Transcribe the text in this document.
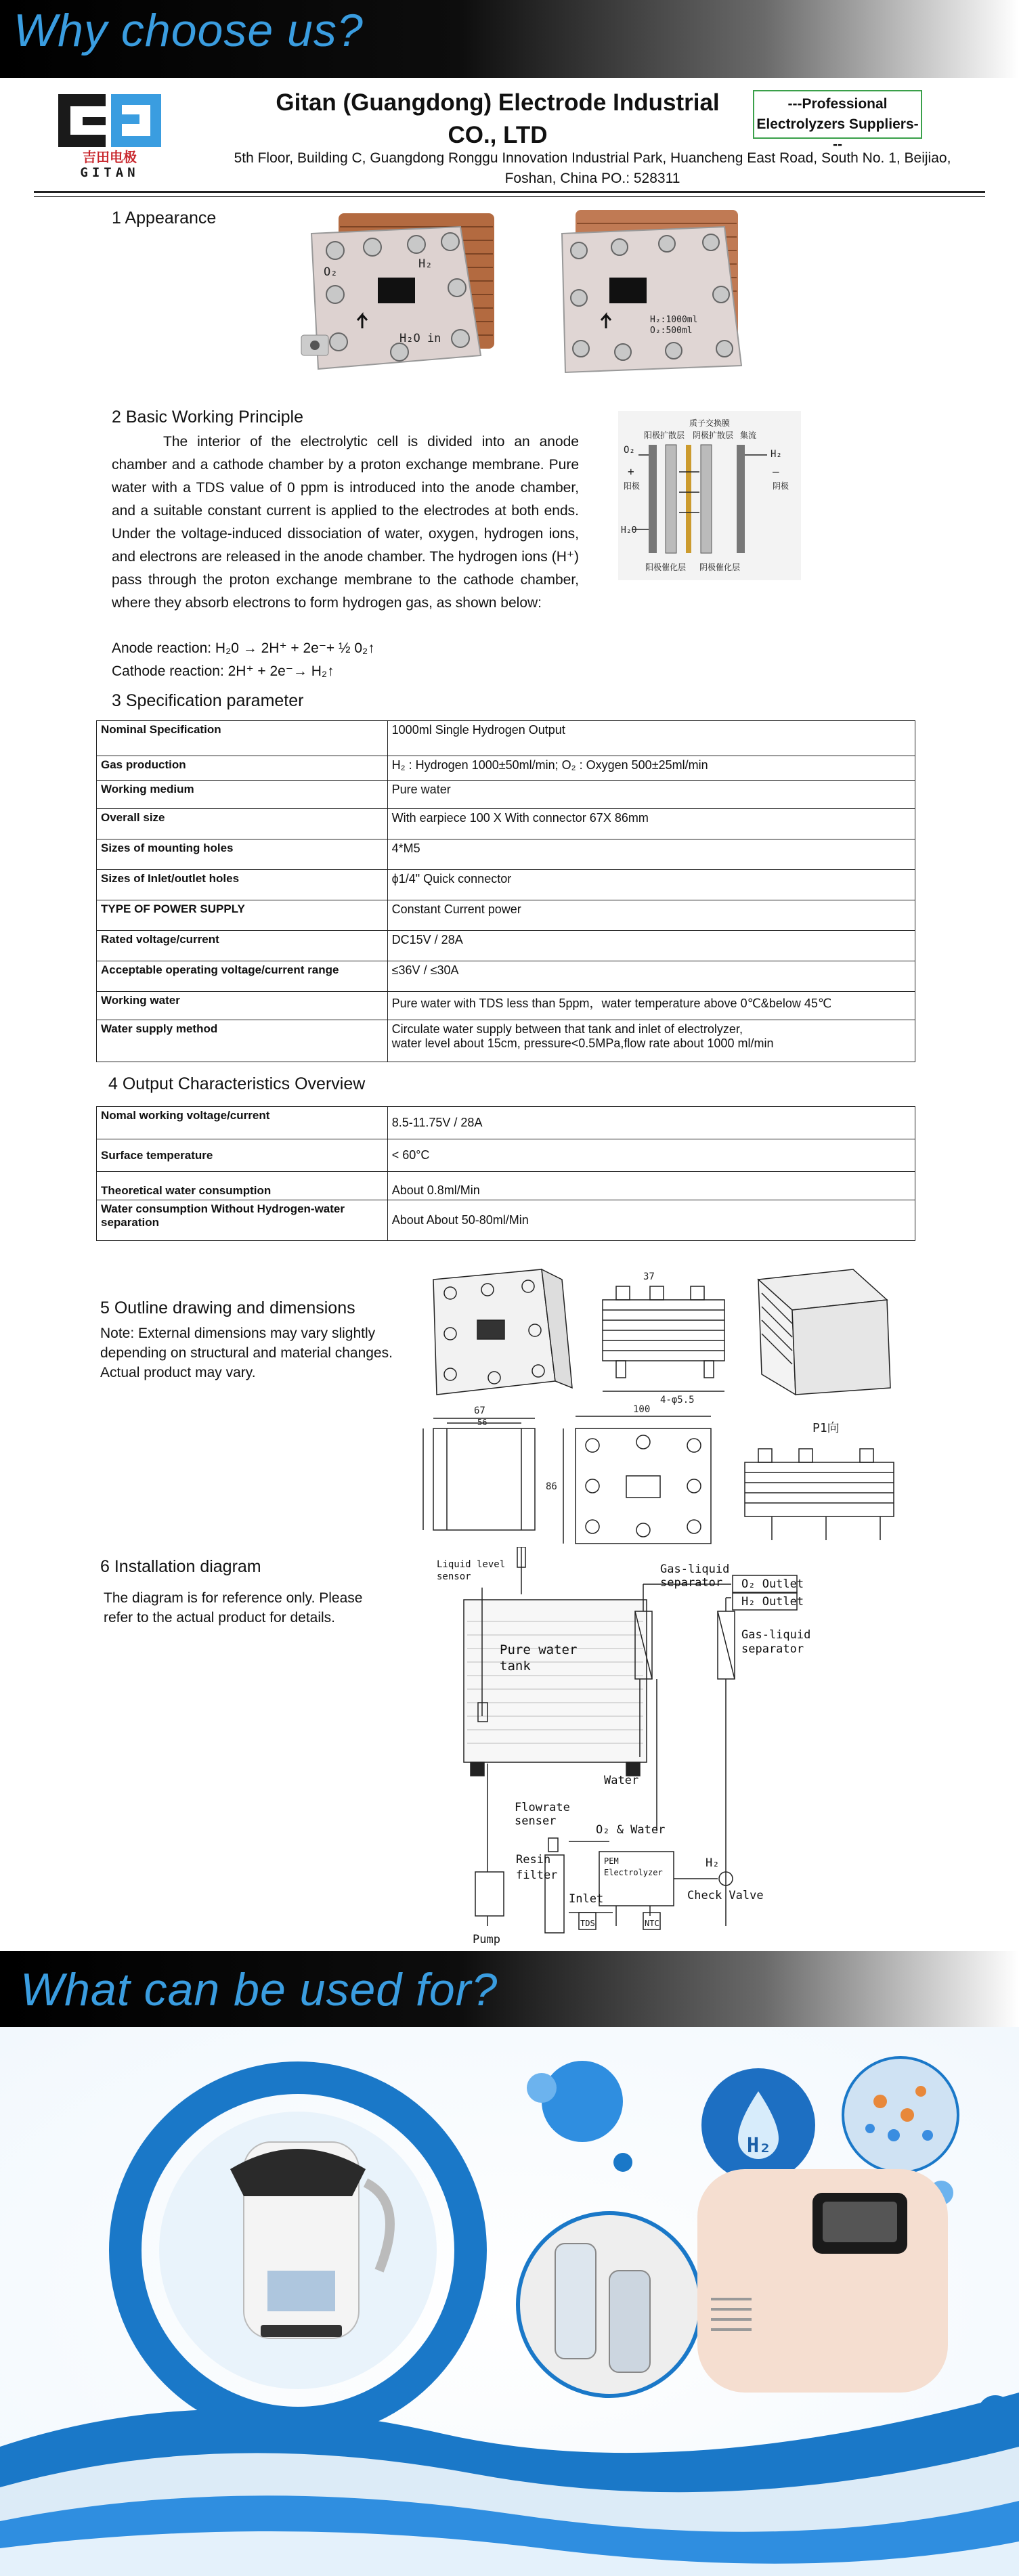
Why choose us?
吉田电极
GITAN
Gitan (Guangdong) Electrode Industrial
CO., LTD
---Professional
Electrolyzers Suppliers---
5th Floor, Building C, Guangdong Ronggu Innovation Industrial Park, Huancheng East Road, South No. 1, Beijiao,
Foshan, China PO.: 528311
1 Appearance
O₂
H₂
H₂O in
H₂:1000ml
O₂:500ml
2 Basic Working Principle
The interior of the electrolytic cell is divided into an anode chamber and a cathode chamber by a proton exchange membrane. Pure water with a TDS value of 0 ppm is introduced into the anode chamber, and a suitable constant current is applied to the electrodes at both ends. Under the voltage-induced dissociation of water, oxygen, hydrogen ions, and electrons are released in the anode chamber. The hydrogen ions (H⁺) pass through the proton exchange membrane to the cathode chamber, where they absorb electrons to form hydrogen gas, as shown below:
Anode reaction: H₂0 → 2H⁺ + 2e⁻+ ½ 0₂↑
Cathode reaction: 2H⁺ + 2e⁻→ H₂↑
质子交换膜
阳极扩散层 阴极扩散层 集流
O₂	H₂
+
阳极
—
阴极
H₂O
阳极催化层 阴极催化层
3 Specification parameter
Nominal Specification	1000ml Single Hydrogen Output
Gas production	H₂ : Hydrogen 1000±50ml/min; O₂ : Oxygen 500±25ml/min
Working medium	Pure water
Overall size	With earpiece 100 X With connector 67X 86mm
Sizes of mounting holes	4*M5
Sizes of Inlet/outlet holes	ϕ1/4" Quick connector
TYPE OF POWER SUPPLY	Constant Current power
Rated voltage/current	DC15V / 28A
Acceptable operating voltage/current range	≤36V / ≤30A
Working water	Pure water with TDS less than 5ppm，water temperature above 0℃&below 45℃
Water supply method	Circulate water supply between that tank and inlet of electrolyzer,
water level about 15cm, pressure<0.5MPa,flow rate about 1000 ml/min
4 Output Characteristics Overview
Nomal working voltage/current	8.5-11.75V / 28A
Surface temperature	< 60°C
Theoretical water consumption	About 0.8ml/Min
Water consumption Without Hydrogen-water separation	About About 50-80ml/Min
5 Outline drawing and dimensions
Note: External dimensions may vary slightly depending on structural and material changes. Actual product may vary.
37
4-φ5.5
67
56
100
86
P1向
6 Installation diagram
The diagram is for reference only. Please refer to the actual product for details.
Liquid level
sensor
Gas-liquid
separator O₂ Outlet
H₂ Outlet
Gas-liquid
separator
Pure water
tank
Water
Flowrate
senser
O₂ & Water
Resin
filter
PEM
Electrolyzer
H₂
Inlet	Check Valve
TDS	NTC
Pump
What can be used for?
H₂
